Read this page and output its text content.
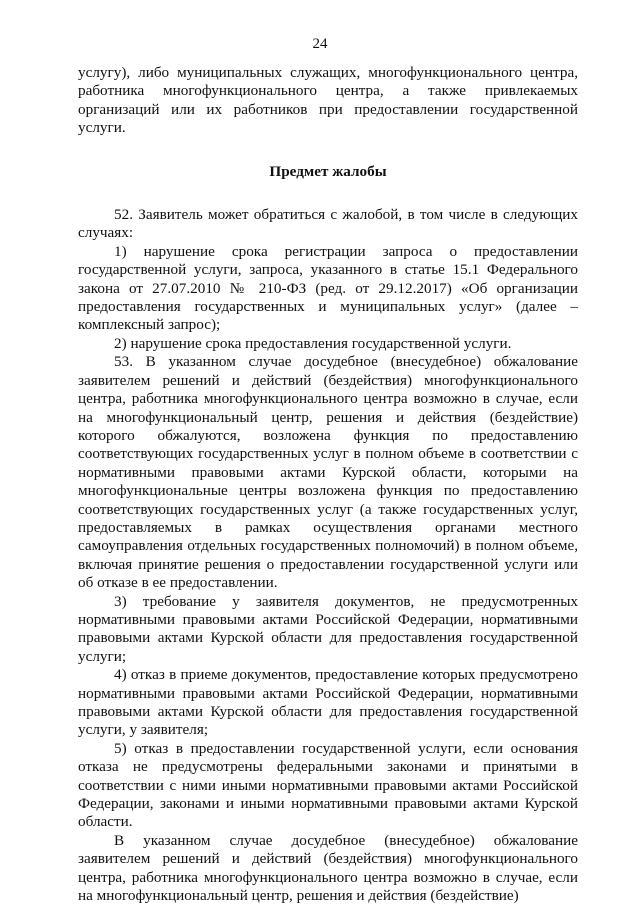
24

услугу), либо муниципальных служащих, многофункционального центра, работника многофункционального центра, а также привлекаемых организаций или их работников при предоставлении государственной услуги.

Предмет жалобы

52. Заявитель может обратиться с жалобой, в том числе в следующих случаях:

1) нарушение срока регистрации запроса о предоставлении государственной услуги, запроса, указанного в статье 15.1 Федерального закона от 27.07.2010 № 210-ФЗ (ред. от 29.12.2017) «Об организации предоставления государственных и муниципальных услуг» (далее – комплексный запрос);

2) нарушение срока предоставления государственной услуги.

53. В указанном случае досудебное (внесудебное) обжалование заявителем решений и действий (бездействия) многофункционального центра, работника многофункционального центра возможно в случае, если на многофункциональный центр, решения и действия (бездействие) которого обжалуются, возложена функция по предоставлению соответствующих государственных услуг в полном объеме в соответствии с нормативными правовыми актами Курской области, которыми на многофункциональные центры возложена функция по предоставлению соответствующих государственных услуг (а также государственных услуг, предоставляемых в рамках осуществления органами местного самоуправления отдельных государственных полномочий) в полном объеме, включая принятие решения о предоставлении государственной услуги или об отказе в ее предоставлении.

3) требование у заявителя документов, не предусмотренных нормативными правовыми актами Российской Федерации, нормативными правовыми актами Курской области для предоставления государственной услуги;

4) отказ в приеме документов, предоставление которых предусмотрено нормативными правовыми актами Российской Федерации, нормативными правовыми актами Курской области для предоставления государственной услуги, у заявителя;

5) отказ в предоставлении государственной услуги, если основания отказа не предусмотрены федеральными законами и принятыми в соответствии с ними иными нормативными правовыми актами Российской Федерации, законами и иными нормативными правовыми актами Курской области.

В указанном случае досудебное (внесудебное) обжалование заявителем решений и действий (бездействия) многофункционального центра, работника многофункционального центра возможно в случае, если на многофункциональный центр, решения и действия (бездействие)
